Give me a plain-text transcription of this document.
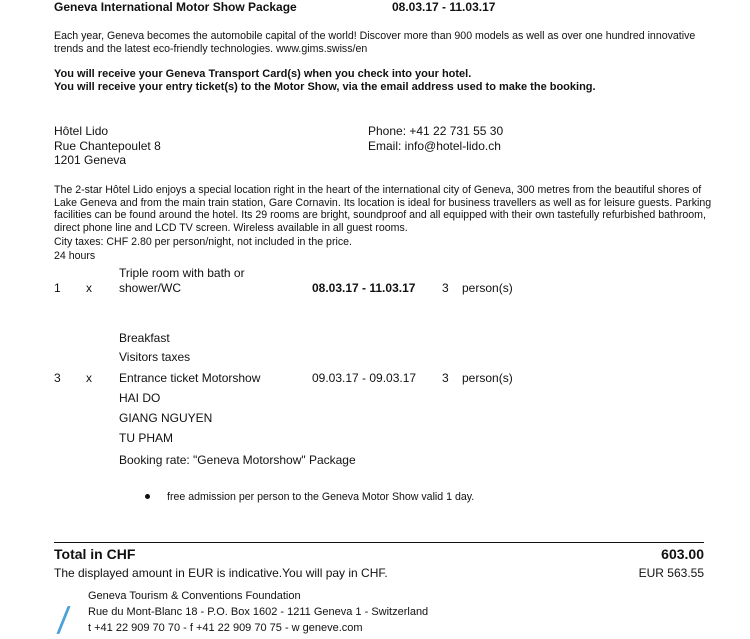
Geneva International Motor Show Package	08.03.17 - 11.03.17
Each year, Geneva becomes the automobile capital of the world! Discover more than 900 models as well as over one hundred innovative trends and the latest eco-friendly technologies. www.gims.swiss/en
You will receive your Geneva Transport Card(s) when you check into your hotel.
You will receive your entry ticket(s) to the Motor Show, via the email address used to make the booking.
Hôtel Lido
Rue Chantepoulet 8
1201 Geneva
Phone: +41 22 731 55 30
Email: info@hotel-lido.ch
The 2-star Hôtel Lido enjoys a special location right in the heart of the international city of Geneva, 300 metres from the beautiful shores of Lake Geneva and from the main train station, Gare Cornavin. Its location is ideal for business travellers as well as for leisure guests. Parking facilities can be found around the hotel. Its 29 rooms are bright, soundproof and all equipped with their own tastefully refurbished bathroom, direct phone line and LCD TV screen. Wireless available in all guest rooms.
City taxes: CHF 2.80 per person/night, not included in the price.
24 hours
Triple room with bath or
1 x shower/WC	08.03.17 - 11.03.17 3 person(s)
Breakfast
Visitors taxes
3 x Entrance ticket Motorshow	09.03.17 - 09.03.17 3 person(s)
HAI DO
GIANG NGUYEN
TU PHAM
Booking rate: "Geneva Motorshow" Package
free admission per person to the Geneva Motor Show valid 1 day.
Total in CHF	603.00
The displayed amount in EUR is indicative.You will pay in CHF.	EUR 563.55
Geneva Tourism & Conventions Foundation
Rue du Mont-Blanc 18 - P.O. Box 1602 - 1211 Geneva 1 - Switzerland
t +41 22 909 70 70 - f +41 22 909 70 75 - w geneve.com
